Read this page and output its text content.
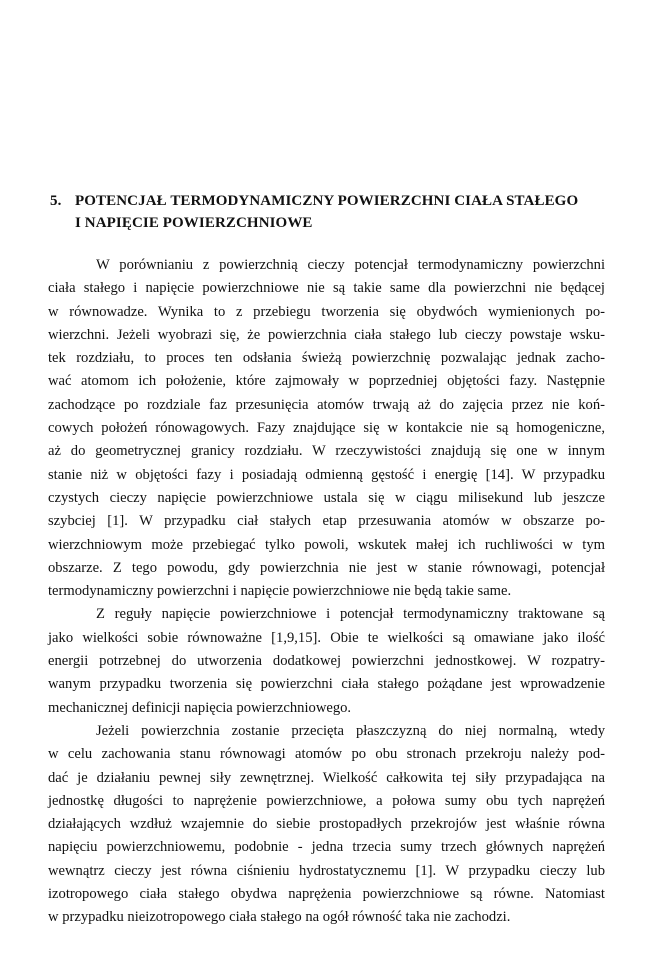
5. POTENCJAŁ TERMODYNAMICZNY POWIERZCHNI CIAŁA STAŁEGO
I NAPIĘCIE POWIERZCHNIOWE
W porównianiu z powierzchnią cieczy potencjał termodynamiczny powierzchni
ciała stałego i napięcie powierzchniowe nie są takie same dla powierzchni nie będącej
w równowadze. Wynika to z przebiegu tworzenia się obydwóch wymienionych po-
wierzchni. Jeżeli wyobrazi się, że powierzchnia ciała stałego lub cieczy powstaje wsku-
tek rozdziału, to proces ten odsłania świeżą powierzchnię pozwalając jednak zacho-
wać atomom ich położenie, które zajmowały w poprzedniej objętości fazy. Następnie
zachodzące po rozdziale faz przesunięcia atomów trwają aż do zajęcia przez nie koń-
cowych położeń rónowagowych. Fazy znajdujące się w kontakcie nie są homogeniczne,
aż do geometrycznej granicy rozdziału. W rzeczywistości znajdują się one w innym
stanie niż w objętości fazy i posiadają odmienną gęstość i energię [14]. W przypadku
czystych cieczy napięcie powierzchniowe ustala się w ciągu milisekund lub jeszcze
szybciej [1]. W przypadku ciał stałych etap przesuwania atomów w obszarze po-
wierzchniowym może przebiegać tylko powoli, wskutek małej ich ruchliwości w tym
obszarze. Z tego powodu, gdy powierzchnia nie jest w stanie równowagi, potencjał
termodynamiczny powierzchni i napięcie powierzchniowe nie będą takie same.
Z reguły napięcie powierzchniowe i potencjał termodynamiczny traktowane są
jako wielkości sobie równoważne [1,9,15]. Obie te wielkości są omawiane jako ilość
energii potrzebnej do utworzenia dodatkowej powierzchni jednostkowej. W rozpatry-
wanym przypadku tworzenia się powierzchni ciała stałego pożądane jest wprowadzenie
mechanicznej definicji napięcia powierzchniowego.
Jeżeli powierzchnia zostanie przecięta płaszczyzną do niej normalną, wtedy
w celu zachowania stanu równowagi atomów po obu stronach przekroju należy pod-
dać je działaniu pewnej siły zewnętrznej. Wielkość całkowita tej siły przypadająca na
jednostkę długości to naprężenie powierzchniowe, a połowa sumy obu tych naprężeń
działających wzdłuż wzajemnie do siebie prostopadłych przekrojów jest właśnie równa
napięciu powierzchniowemu, podobnie - jedna trzecia sumy trzech głównych naprężeń
wewnątrz cieczy jest równa ciśnieniu hydrostatycznemu [1]. W przypadku cieczy lub
izotropowego ciała stałego obydwa naprężenia powierzchniowe są równe. Natomiast
w przypadku nieizotropowego ciała stałego na ogół równość taka nie zachodzi.
